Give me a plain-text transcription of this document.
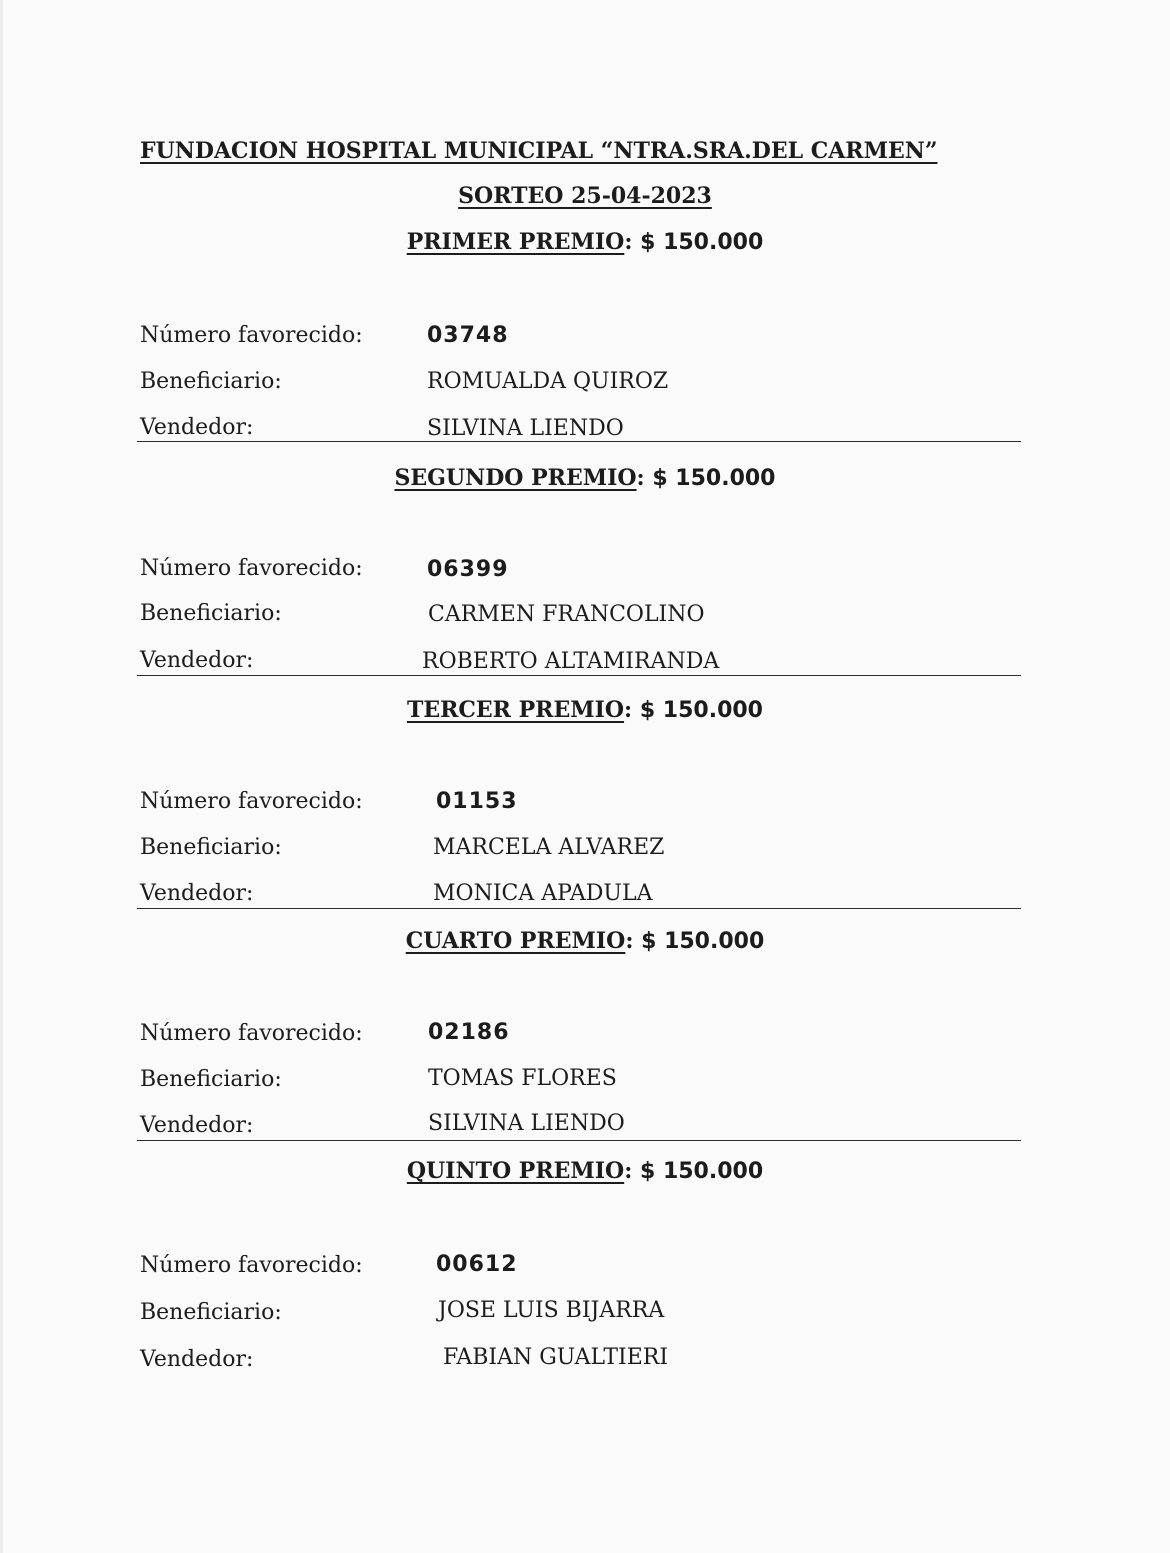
FUNDACION HOSPITAL MUNICIPAL “NTRA.SRA.DEL CARMEN”
SORTEO 25-04-2023
PRIMER PREMIO: $ 150.000
Número favorecido:	03748
Beneficiario:	ROMUALDA QUIROZ
Vendedor:	SILVINA LIENDO
SEGUNDO PREMIO: $ 150.000
Número favorecido:	06399
Beneficiario:	CARMEN FRANCOLINO
Vendedor:	ROBERTO ALTAMIRANDA
TERCER PREMIO: $ 150.000
Número favorecido:	01153
Beneficiario:	MARCELA ALVAREZ
Vendedor:	MONICA APADULA
CUARTO PREMIO: $ 150.000
Número favorecido:	02186
Beneficiario:	TOMAS FLORES
Vendedor:	SILVINA LIENDO
QUINTO PREMIO: $ 150.000
Número favorecido:	00612
Beneficiario:	JOSE LUIS BIJARRA
Vendedor:	FABIAN GUALTIERI
